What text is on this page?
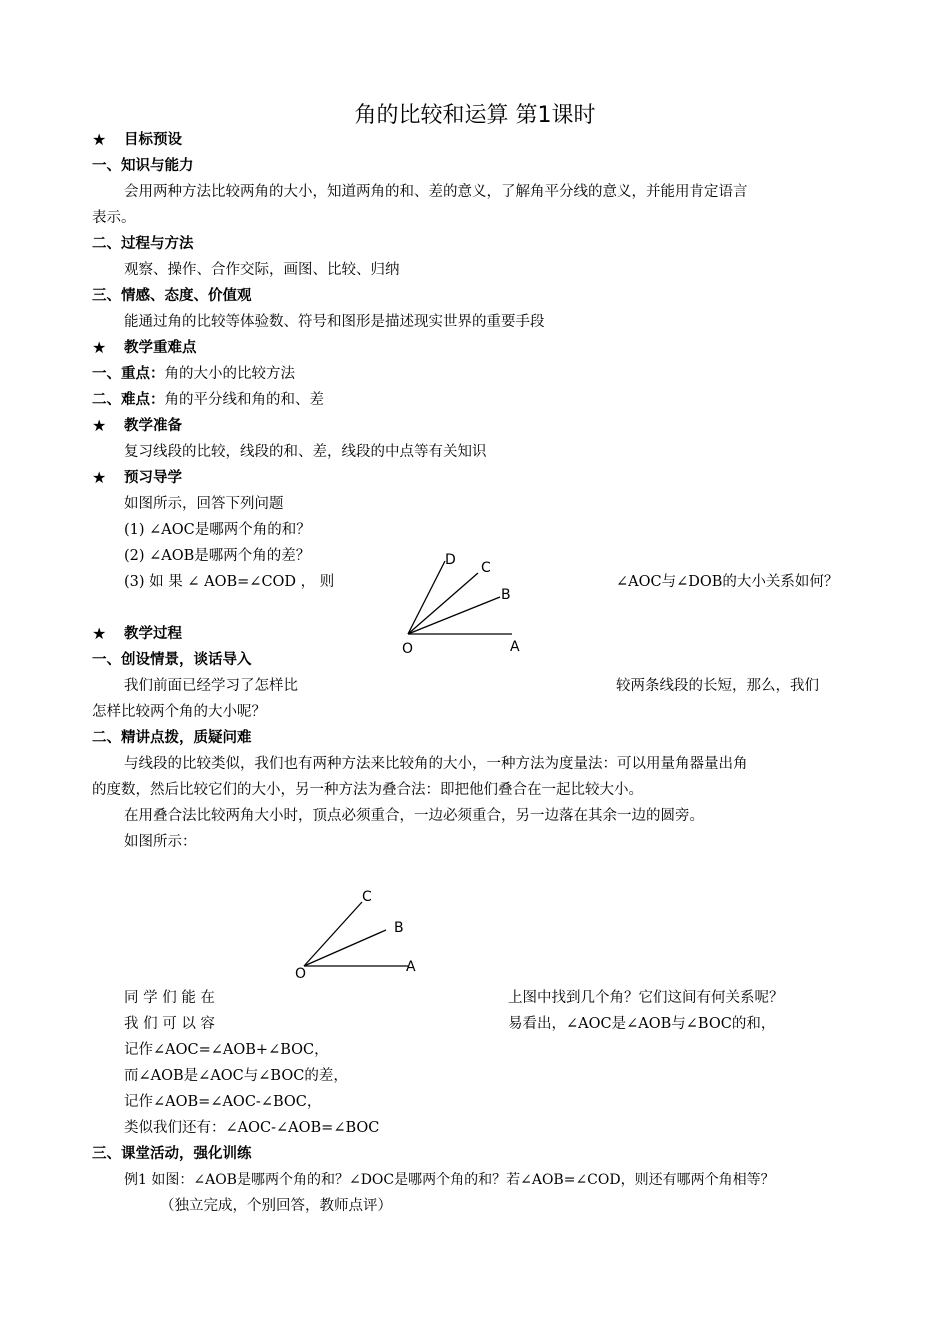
角的比较和运算 第1课时
★ 目标预设
一、知识与能力
会用两种方法比较两角的大小，知道两角的和、差的意义，了解角平分线的意义，并能用肯定语言
表示。
二、过程与方法
观察、操作、合作交际，画图、比较、归纳
三、情感、态度、价值观
能通过角的比较等体验数、符号和图形是描述现实世界的重要手段
★ 教学重难点
一、重点：角的大小的比较方法
二、难点：角的平分线和角的和、差
★ 教学准备
复习线段的比较，线段的和、差，线段的中点等有关知识
★ 预习导学
如图所示，回答下列问题
(1) ∠AOC是哪两个角的和？
(2) ∠AOB是哪两个角的差？
(3) 如 果 ∠ AOB=∠COD ， 则	∠AOC与∠DOB的大小关系如何？
D C
B
A
O
★ 教学过程
一、创设情景，谈话导入
我们前面已经学习了怎样比	较两条线段的长短，那么，我们
怎样比较两个角的大小呢？
二、精讲点拨，质疑问难
与线段的比较类似，我们也有两种方法来比较角的大小，一种方法为度量法：可以用量角器量出角
的度数，然后比较它们的大小，另一种方法为叠合法：即把他们叠合在一起比较大小。
在用叠合法比较两角大小时，顶点必须重合，一边必须重合，另一边落在其余一边的圆旁。
如图所示：
C
B
A
O
同 学 们 能 在	上图中找到几个角？它们这间有何关系呢？
我 们 可 以 容	易看出，∠AOC是∠AOB与∠BOC的和，
记作∠AOC=∠AOB+∠BOC，
而∠AOB是∠AOC与∠BOC的差，
记作∠AOB=∠AOC-∠BOC，
类似我们还有：∠AOC-∠AOB=∠BOC
三、课堂活动，强化训练
例1 如图：∠AOB是哪两个角的和？∠DOC是哪两个角的和？若∠AOB=∠COD，则还有哪两个角相等？
（独立完成，个别回答，教师点评）
